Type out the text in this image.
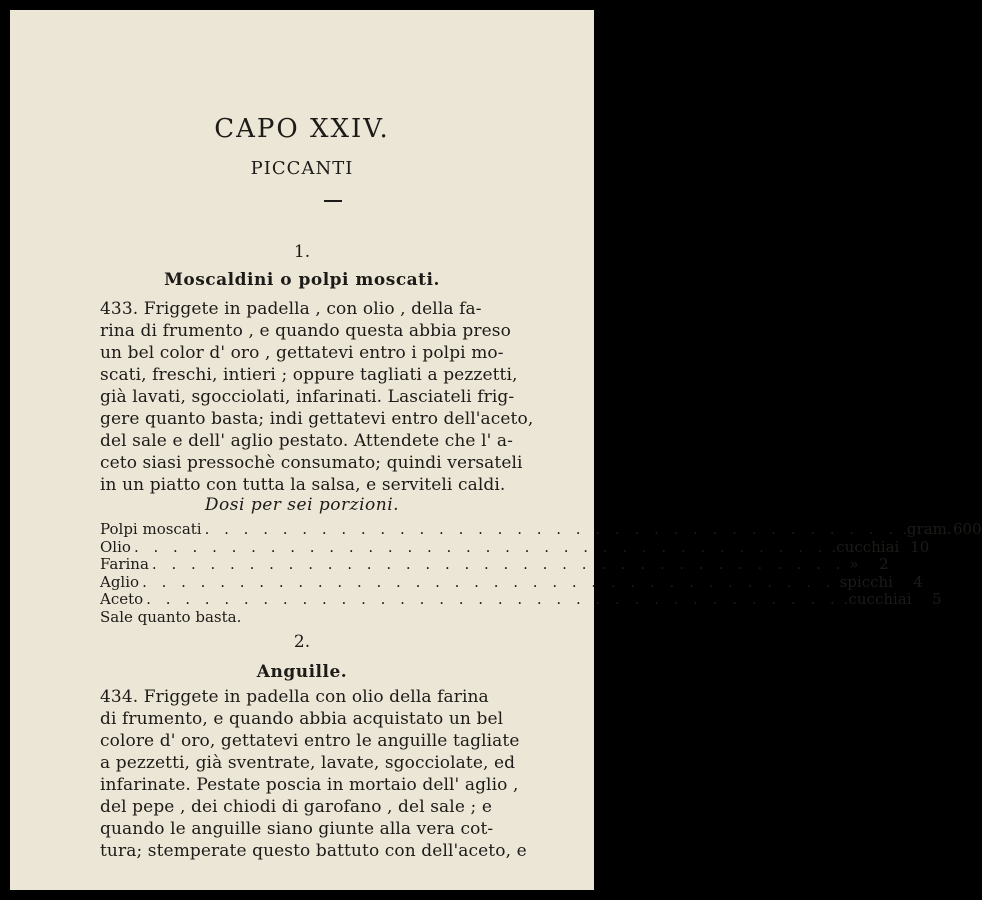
CAPO XXIV.
PICCANTI
1.
Moscaldini o polpi moscati.
433. Friggete in padella , con olio , della fa-
rina di frumento , e quando questa abbia preso
un bel color d' oro , gettatevi entro i polpi mo-
scati, freschi, intieri ; oppure tagliati a pezzetti,
già lavati, sgocciolati, infarinati. Lasciateli frig-
gere quanto basta; indi gettatevi entro dell'aceto,
del sale e dell' aglio pestato. Attendete che l' a-
ceto siasi pressochè consumato; quindi versateli
in un piatto con tutta la salsa, e serviteli caldi.
Dosi per sei porzioni.
Polpi moscati . . . . . . . . . . . . . . . . . . . . . . . . . . . . . . . . . . . . .gram. 600
Olio . . . . . . . . . . . . . . . . . . . . . . . . . . . . . . . . . . . . .cucchiai 10
Farina . . . . . . . . . . . . . . . . . . . . . . . . . . . . . . . . . . . . »	2
Aglio . . . . . . . . . . . . . . . . . . . . . . . . . . . . . . . . . . . . spicchi	4
Aceto . . . . . . . . . . . . . . . . . . . . . . . . . . . . . . . . . . . . .cucchiai	5
Sale quanto basta.
2.
Anguille.
434. Friggete in padella con olio della farina
di frumento, e quando abbia acquistato un bel
colore d' oro, gettatevi entro le anguille tagliate
a pezzetti, già sventrate, lavate, sgocciolate, ed
infarinate. Pestate poscia in mortaio dell' aglio ,
del pepe , dei chiodi di garofano , del sale ; e
quando le anguille siano giunte alla vera cot-
tura; stemperate questo battuto con dell'aceto, e
